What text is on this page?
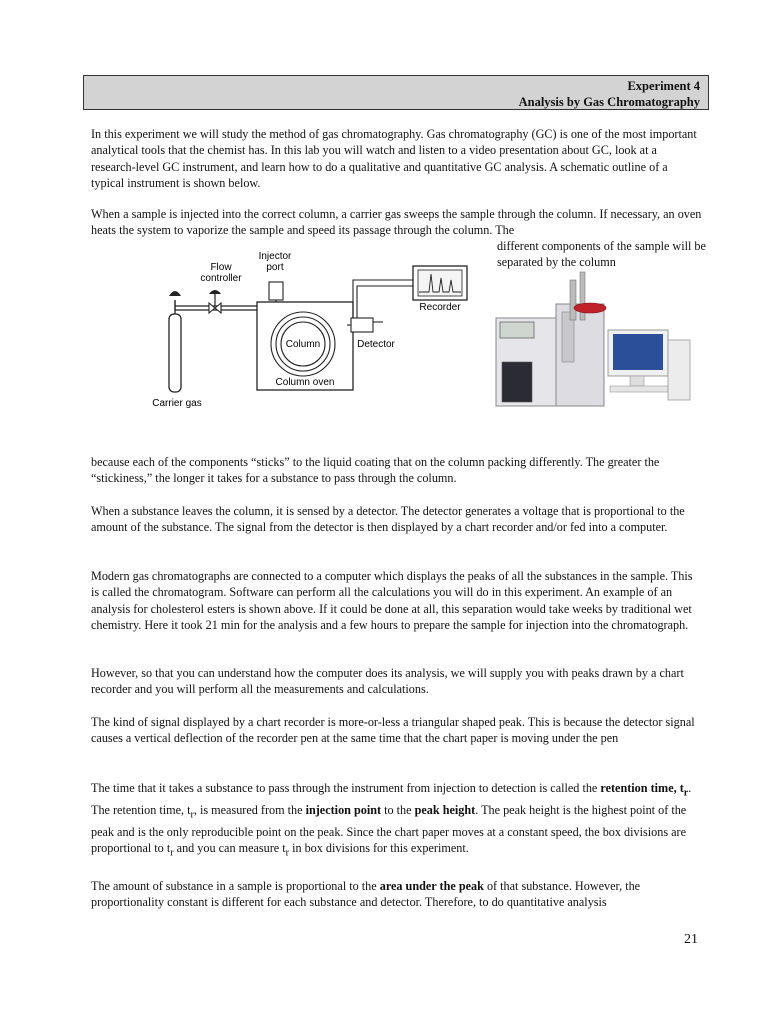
Experiment 4
Analysis by Gas Chromatography

In this experiment we will study the method of gas chromatography. Gas chromatography (GC) is one of the most important analytical tools that the chemist has. In this lab you will watch and listen to a video presentation about GC, look at a research-level GC instrument, and learn how to do a qualitative and quantitative GC analysis. A schematic outline of a typical instrument is shown below.

When a sample is injected into the correct column, a carrier gas sweeps the sample through the column. If necessary, an oven heats the system to vaporize the sample and speed its passage through the column. The

different components of the sample will be separated by the column

Flow controller
Injector port
Recorder
Column	Detector
Column oven
Carrier gas

because each of the components “sticks” to the liquid coating that on the column packing differently. The greater the “stickiness,” the longer it takes for a substance to pass through the column.

When a substance leaves the column, it is sensed by a detector. The detector generates a voltage that is proportional to the amount of the substance. The signal from the detector is then displayed by a chart recorder and/or fed into a computer.

Modern gas chromatographs are connected to a computer which displays the peaks of all the substances in the sample. This is called the chromatogram. Software can perform all the calculations you will do in this experiment. An example of an analysis for cholesterol esters is shown above. If it could be done at all, this separation would take weeks by traditional wet chemistry. Here it took 21 min for the analysis and a few hours to prepare the sample for injection into the chromatograph.

However, so that you can understand how the computer does its analysis, we will supply you with peaks drawn by a chart recorder and you will perform all the measurements and calculations.

The kind of signal displayed by a chart recorder is more-or-less a triangular shaped peak. This is because the detector signal causes a vertical deflection of the recorder pen at the same time that the chart paper is moving under the pen

The time that it takes a substance to pass through the instrument from injection to detection is called the retention time, $t_r$. The retention time, $t_r$, is measured from the injection point to the peak height. The peak height is the highest point of the peak and is the only reproducible point on the peak. Since the chart paper moves at a constant speed, the box divisions are proportional to $t_r$ and you can measure $t_r$ in box divisions for this experiment.

The amount of substance in a sample is proportional to the area under the peak of that substance. However, the proportionality constant is different for each substance and detector. Therefore, to do quantitative analysis

21
